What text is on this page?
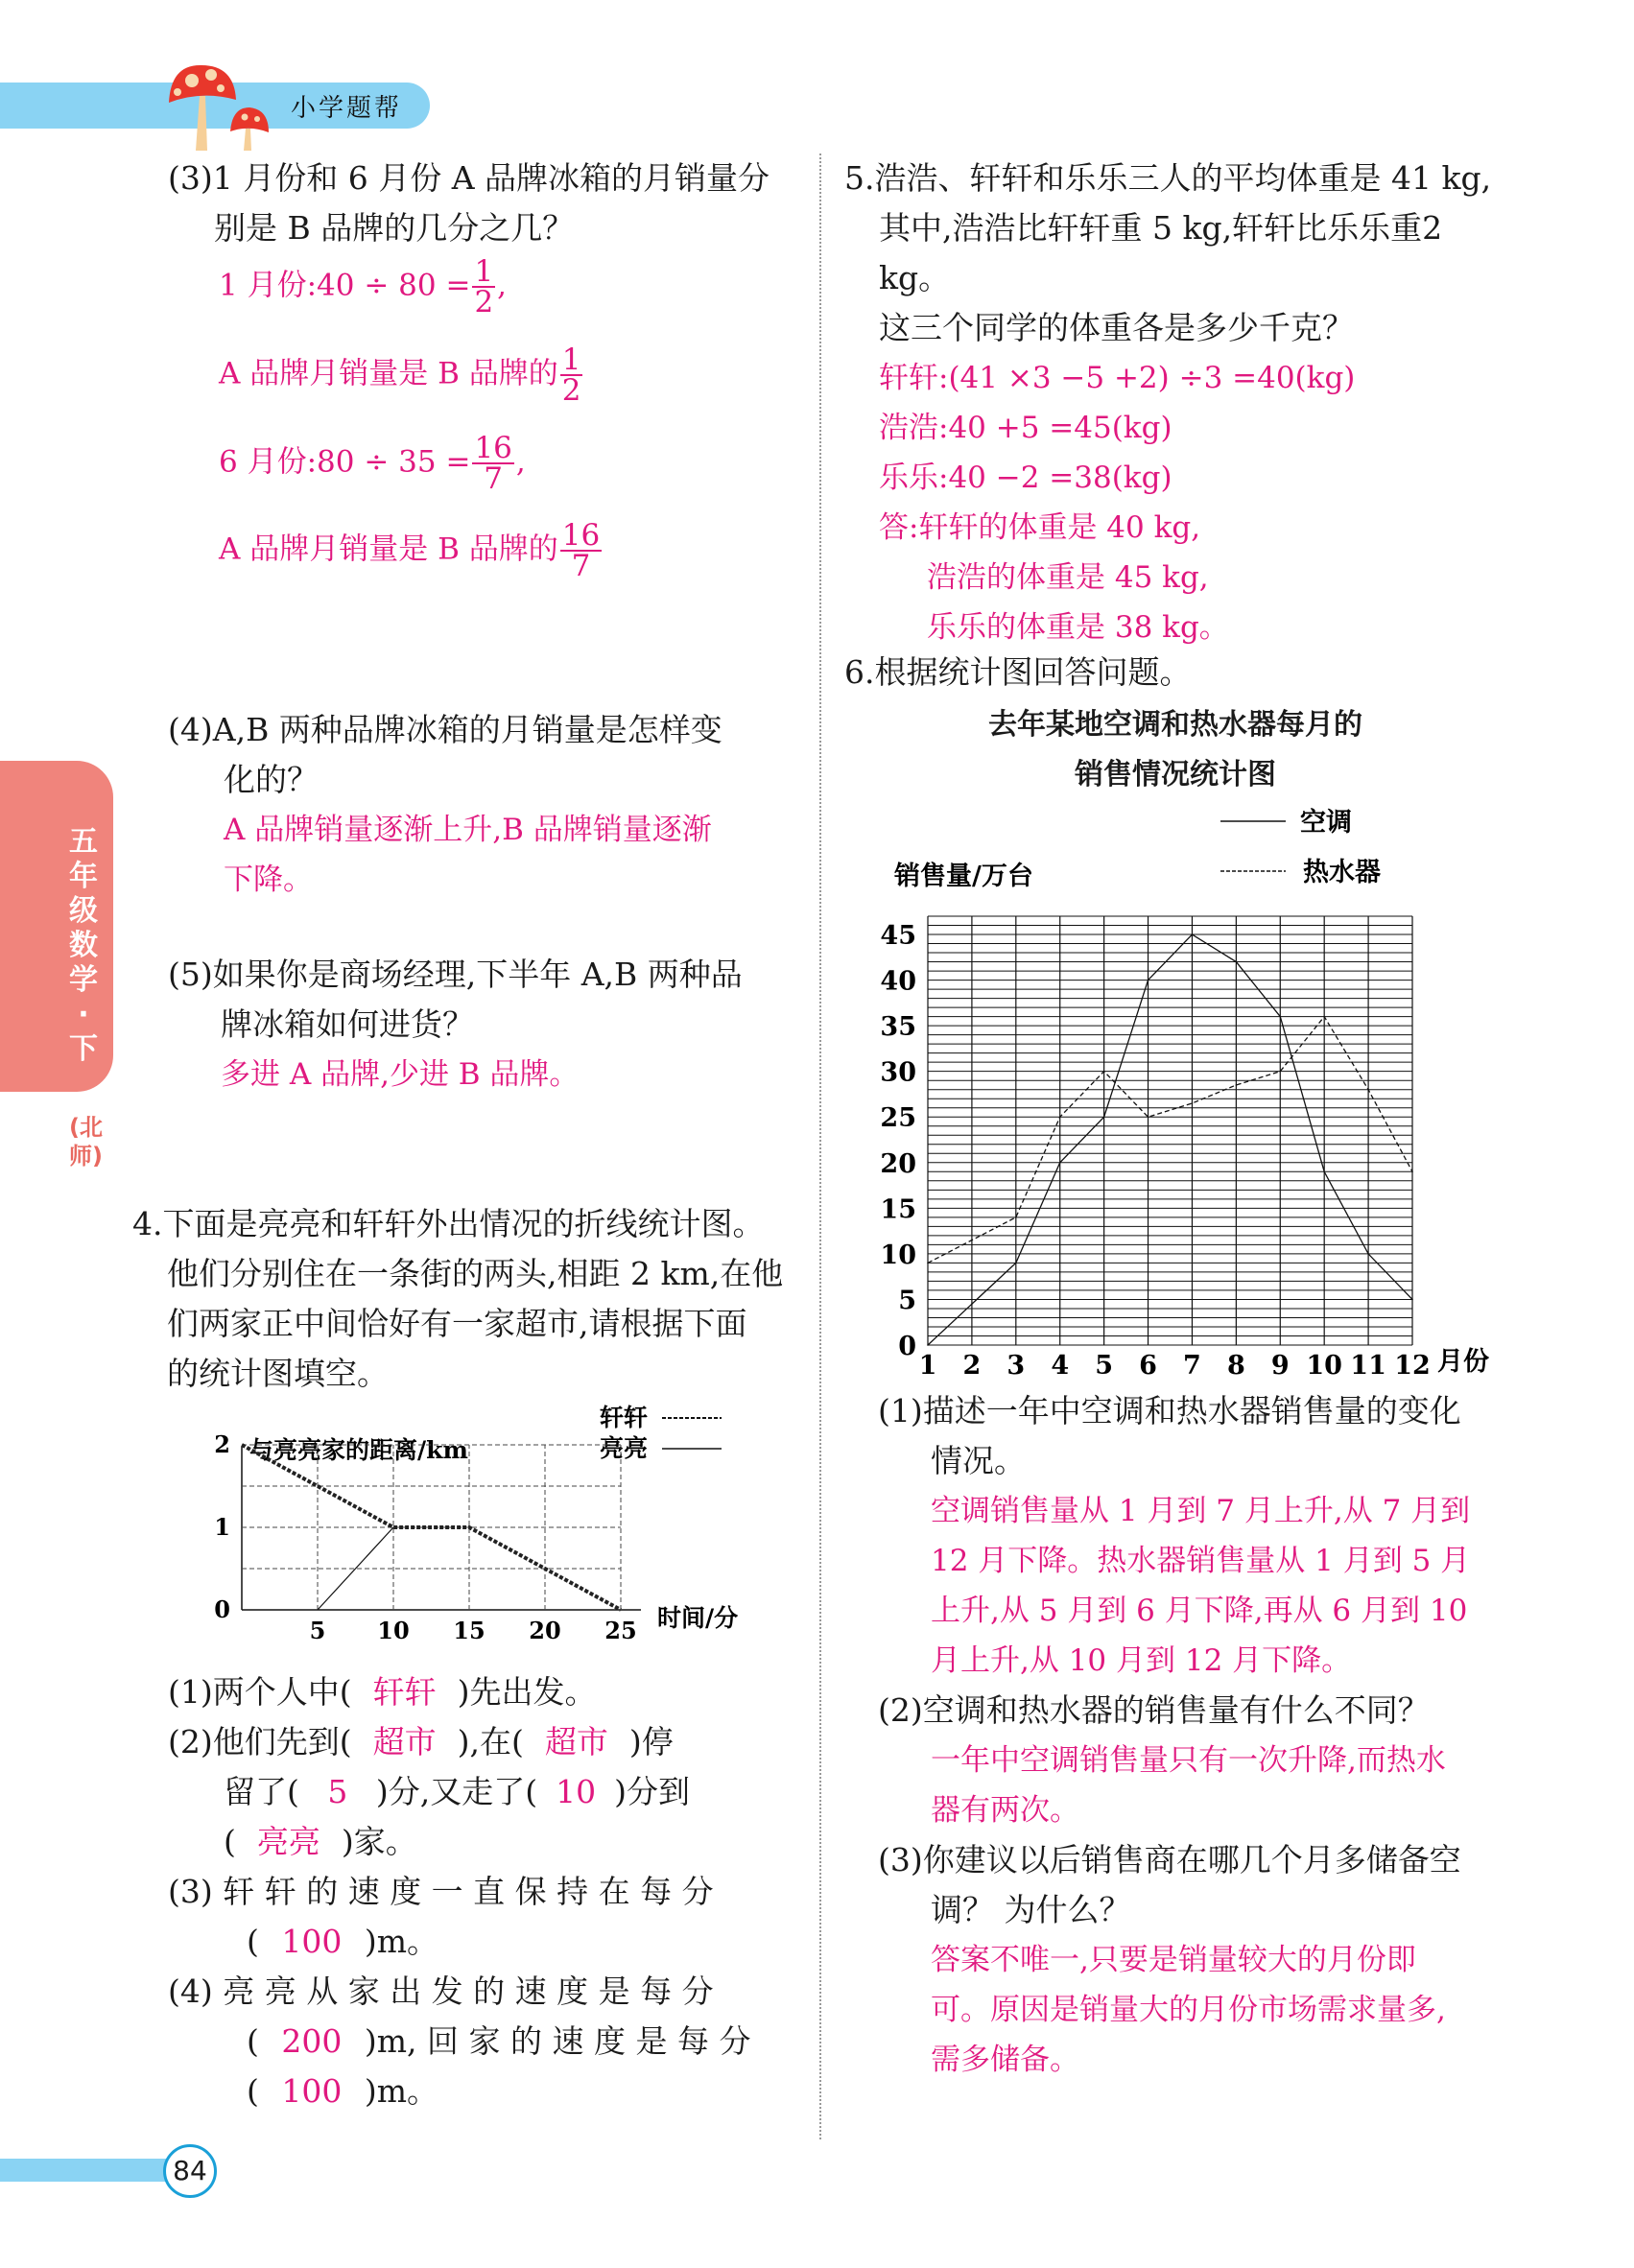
小学题帮
五年级数学·下
(北师)
(3)1 月份和 6 月份 A 品牌冰箱的月销量分
别是 B 品牌的几分之几？
1 月份:40 ÷ $80 = \frac{1}{2}$ ,
A 品牌月销量是 B 品牌的 $\frac{1}{2}$
6 月份:80 ÷ $35 = \frac{16}{7}$ ,
A 品牌月销量是 B 品牌的 $\frac{16}{7}$
(4)A,B 两种品牌冰箱的月销量是怎样变
化的？
A 品牌销量逐渐上升,B 品牌销量逐渐
下降。
(5)如果你是商场经理,下半年 A,B 两种品
牌冰箱如何进货？
多进 A 品牌,少进 B 品牌。
4.下面是亮亮和轩轩外出情况的折线统计图。
他们分别住在一条街的两头,相距 2 km,在他
们两家正中间恰好有一家超市,请根据下面
的统计图填空。
与亮亮家的距离/km
时间/分
轩轩
亮亮
5 10 15 20 25
0
1
2
(1)两个人中( 轩轩 )先出发。
(2)他们先到( 超市 ),在( 超市 )停
留了( 5 )分,又走了( 10 )分到
( 亮亮 )家。
(3) 轩 轩 的 速 度 一 直 保 持 在 每 分
( 100 )m。
(4) 亮 亮 从 家 出 发 的 速 度 是 每 分
( 200 )m, 回 家 的 速 度 是 每 分
( 100 )m。
5.浩浩、轩轩和乐乐三人的平均体重是 41 kg,
其中,浩浩比轩轩重 5 kg,轩轩比乐乐重2 kg。
这三个同学的体重各是多少千克？
轩轩:(41 ×3 −5 +2) ÷3 =40(kg)
浩浩:40 +5 =45(kg)
乐乐:40 −2 =38(kg)
答:轩轩的体重是 40 kg,
浩浩的体重是 45 kg,
乐乐的体重是 38 kg。
6.根据统计图回答问题。
去年某地空调和热水器每月的
销售情况统计图
空调
热水器
销售量/万台
月份
1 2 3 4 5 6 7 8 9 10 11 12
0
5
10
15
20
25
30
35
40
45
(1)描述一年中空调和热水器销售量的变化
情况。
空调销售量从 1 月到 7 月上升,从 7 月到
12 月下降。热水器销售量从 1 月到 5 月
上升,从 5 月到 6 月下降,再从 6 月到 10
月上升,从 10 月到 12 月下降。
(2)空调和热水器的销售量有什么不同？
一年中空调销售量只有一次升降,而热水
器有两次。
(3)你建议以后销售商在哪几个月多储备空
调？ 为什么？
答案不唯一,只要是销量较大的月份即
可。原因是销量大的月份市场需求量多,
需多储备。
84
